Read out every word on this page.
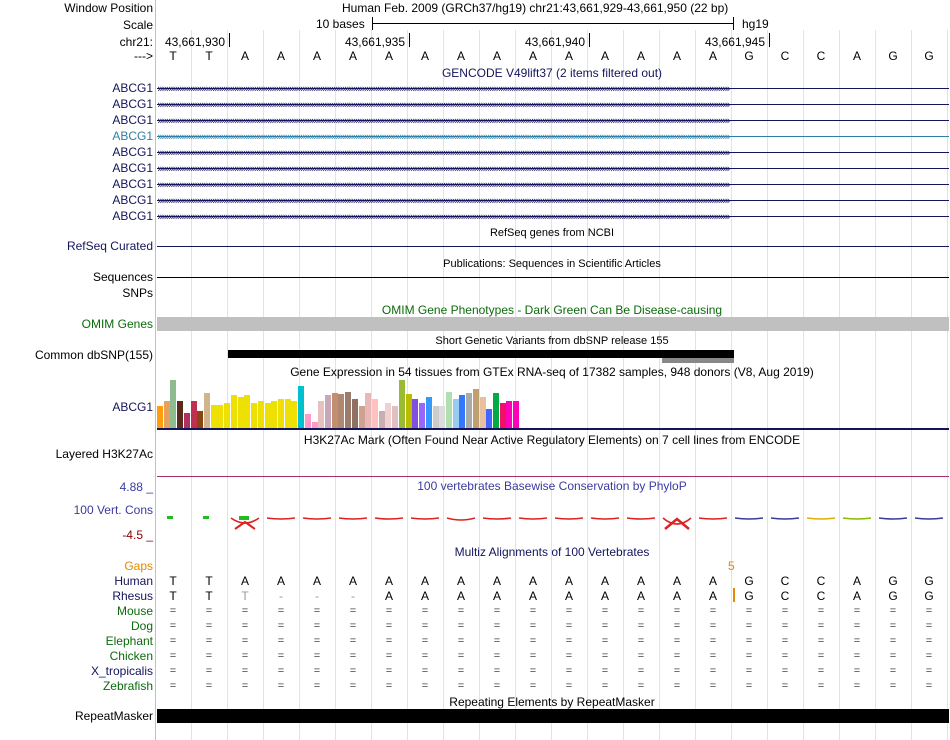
Window Position	Human Feb. 2009 (GRCh37/hg19) chr21:43,661,929-43,661,950 (22 bp)
Scale	10 bases	hg19
chr21: 43,661,930	43,661,935	43,661,940	43,661,945
--->	T	T	A	A	A	A	A	A	A	A	A	A	A	A	A	A	G	C	C	A	G	G
GENCODE V49lift37 (2 items filtered out)
ABCG1 ››››››››››››››››››››››››››››››››››››››››››››››››››››››››››››››››››››››››››››››››››››››››››››››››››››››››››››››››››››››››››››››››››››››››››››››››››››››››››››››››››››››››››››››››››››››››››››››››››››››››››››››››››››››››››››››››››››››››››››››››››››››››››››››››››››
ABCG1 ››››››››››››››››››››››››››››››››››››››››››››››››››››››››››››››››››››››››››››››››››››››››››››››››››››››››››››››››››››››››››››››››››››››››››››››››››››››››››››››››››››››››››››››››››››››››››››››››››››››››››››››››››››››››››››››››››››››››››››››››››››››››››››››››››››
ABCG1 ››››››››››››››››››››››››››››››››››››››››››››››››››››››››››››››››››››››››››››››››››››››››››››››››››››››››››››››››››››››››››››››››››››››››››››››››››››››››››››››››››››››››››››››››››››››››››››››››››››››››››››››››››››››››››››››››››››››››››››››››››››››››››››››››››››
ABCG1 ››››››››››››››››››››››››››››››››››››››››››››››››››››››››››››››››››››››››››››››››››››››››››››››››››››››››››››››››››››››››››››››››››››››››››››››››››››››››››››››››››››››››››››››››››››››››››››››››››››››››››››››››››››››››››››››››››››››››››››››››››››››››››››››››››››
ABCG1 ››››››››››››››››››››››››››››››››››››››››››››››››››››››››››››››››››››››››››››››››››››››››››››››››››››››››››››››››››››››››››››››››››››››››››››››››››››››››››››››››››››››››››››››››››››››››››››››››››››››››››››››››››››››››››››››››››››››››››››››››››››››››››››››››››››
ABCG1 ››››››››››››››››››››››››››››››››››››››››››››››››››››››››››››››››››››››››››››››››››››››››››››››››››››››››››››››››››››››››››››››››››››››››››››››››››››››››››››››››››››››››››››››››››››››››››››››››››››››››››››››››››››››››››››››››››››››››››››››››››››››››››››››››››››
ABCG1 ››››››››››››››››››››››››››››››››››››››››››››››››››››››››››››››››››››››››››››››››››››››››››››››››››››››››››››››››››››››››››››››››››››››››››››››››››››››››››››››››››››››››››››››››››››››››››››››››››››››››››››››››››››››››››››››››››››››››››››››››››››››››››››››››››››
ABCG1 ››››››››››››››››››››››››››››››››››››››››››››››››››››››››››››››››››››››››››››››››››››››››››››››››››››››››››››››››››››››››››››››››››››››››››››››››››››››››››››››››››››››››››››››››››››››››››››››››››››››››››››››››››››››››››››››››››››››››››››››››››››››››››››››››››››
ABCG1 ››››››››››››››››››››››››››››››››››››››››››››››››››››››››››››››››››››››››››››››››››››››››››››››››››››››››››››››››››››››››››››››››››››››››››››››››››››››››››››››››››››››››››››››››››››››››››››››››››››››››››››››››››››››››››››››››››››››››››››››››››››››››››››››››››››
RefSeq genes from NCBI
RefSeq Curated
Publications: Sequences in Scientific Articles
Sequences
SNPs
OMIM Gene Phenotypes - Dark Green Can Be Disease-causing
OMIM Genes
Short Genetic Variants from dbSNP release 155
Common dbSNP(155)
Gene Expression in 54 tissues from GTEx RNA-seq of 17382 samples, 948 donors (V8, Aug 2019)
ABCG1
H3K27Ac Mark (Often Found Near Active Regulatory Elements) on 7 cell lines from ENCODE
Layered H3K27Ac
100 vertebrates Basewise Conservation by PhyloP
4.88 _
100 Vert. Cons
-4.5 _
Multiz Alignments of 100 Vertebrates
Gaps	5
Human	T	T	A	A	A	A	A	A	A	A	A	A	A	A	A	A	G	C	C	A	G	G
Rhesus	T	T	T	-	-	-	A	A	A	A	A	A	A	A	A	A	G	C	C	A	G	G
Mouse	=	=	=	=	=	=	=	=	=	=	=	=	=	=	=	=	=	=	=	=	=	=
Dog	=	=	=	=	=	=	=	=	=	=	=	=	=	=	=	=	=	=	=	=	=	=
Elephant	=	=	=	=	=	=	=	=	=	=	=	=	=	=	=	=	=	=	=	=	=	=
Chicken	=	=	=	=	=	=	=	=	=	=	=	=	=	=	=	=	=	=	=	=	=	=
X_tropicalis	=	=	=	=	=	=	=	=	=	=	=	=	=	=	=	=	=	=	=	=	=	=
Zebrafish	=	=	=	=	=	=	=	=	=	=	=	=	=	=	=	=	=	=	=	=	=	=
Repeating Elements by RepeatMasker
RepeatMasker
